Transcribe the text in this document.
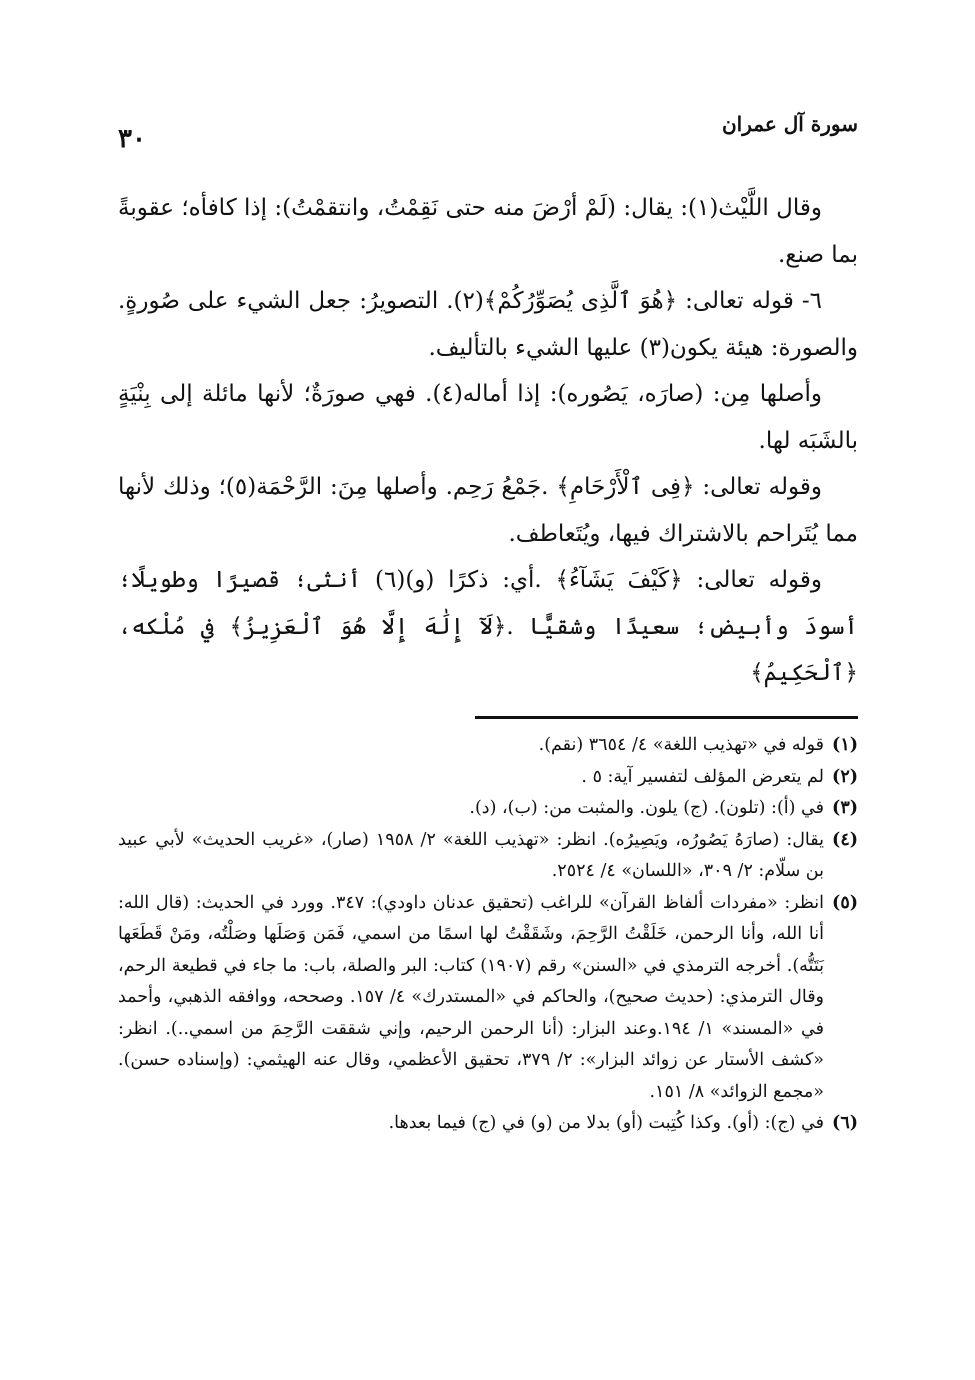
سورة آل عمران
٣٠

وقال اللَّيْث(١): يقال: (لَمْ أرْضَ منه حتى نَقِمْتُ، وانتقمْتُ): إذا كافأه؛ عقوبةً بما صنع.

٦- قوله تعالى: ﴿هُوَ ٱلَّذِى يُصَوِّرُكُمْ﴾(٢). التصويرُ: جعل الشيء على صُورةٍ. والصورة: هيئة يكون(٣) عليها الشيء بالتأليف.

وأصلها مِن: (صارَه، يَصُوره): إذا أماله(٤). فهي صورَةٌ؛ لأنها مائلة إلى بِنْيَةٍ بالشَبَه لها.

وقوله تعالى: ﴿فِى ٱلْأَرْحَامِ﴾ .جَمْعُ رَحِم. وأصلها مِنَ: الرَّحْمَة(٥)؛ وذلك لأنها مما يُتَراحم بالاشتراك فيها، ويُتَعاطف.

وقوله تعالى: ﴿كَيْفَ يَشَآءُ﴾ .أي: ذكرًا (و)(٦) أنثى؛ قصيرًا وطويلًا؛ أسودَ وأبيض؛ سعيدًا وشقيًّا .﴿لَآ إِلَٰهَ إِلَّا هُوَ ٱلْعَزِيزُ﴾ في مُلْكه، ﴿ٱلْحَكِيمُ﴾

(١)
قوله في «تهذيب اللغة» ٤/ ٣٦٥٤ (نقم).
(٢)
لم يتعرض المؤلف لتفسير آية: ٥ .
(٣)
في (أ): (تلون). (ج) يلون. والمثبت من: (ب)، (د).
(٤)
يقال: (صارَهُ يَصُورُه، ويَصِيرُه). انظر: «تهذيب اللغة» ٢/ ١٩٥٨ (صار)، «غريب الحديث» لأبي عبيد بن سلّام: ٢/ ٣٠٩، «اللسان» ٤/ ٢٥٢٤.
(٥)
انظر: «مفردات ألفاظ القرآن» للراغب (تحقيق عدنان داودي): ٣٤٧. وورد في الحديث: (قال الله: أنا الله، وأنا الرحمن، خَلَقْتُ الرَّحِمَ، وشَقَقْتُ لها اسمًا من اسمي، فَمَن وَصَلَها وصَلْتُه، ومَنْ قَطَعَها بَتَتُّه). أخرجه الترمذي في «السنن» رقم (١٩٠٧) كتاب: البر والصلة، باب: ما جاء في قطيعة الرحم، وقال الترمذي: (حديث صحيح)، والحاكم في «المستدرك» ٤/ ١٥٧. وصححه، ووافقه الذهبي، وأحمد في «المسند» ١/ ١٩٤.وعند البزار: (أنا الرحمن الرحيم، وإني شققت الرَّحِمَ من اسمي..). انظر: «كشف الأستار عن زوائد البزار»: ٢/ ٣٧٩، تحقيق الأعظمي، وقال عنه الهيثمي: (وإسناده حسن). «مجمع الزوائد» ٨/ ١٥١.
(٦)
في (ج): (أو). وكذا كُتِبت (أو) بدلا من (و) في (ج) فيما بعدها.
